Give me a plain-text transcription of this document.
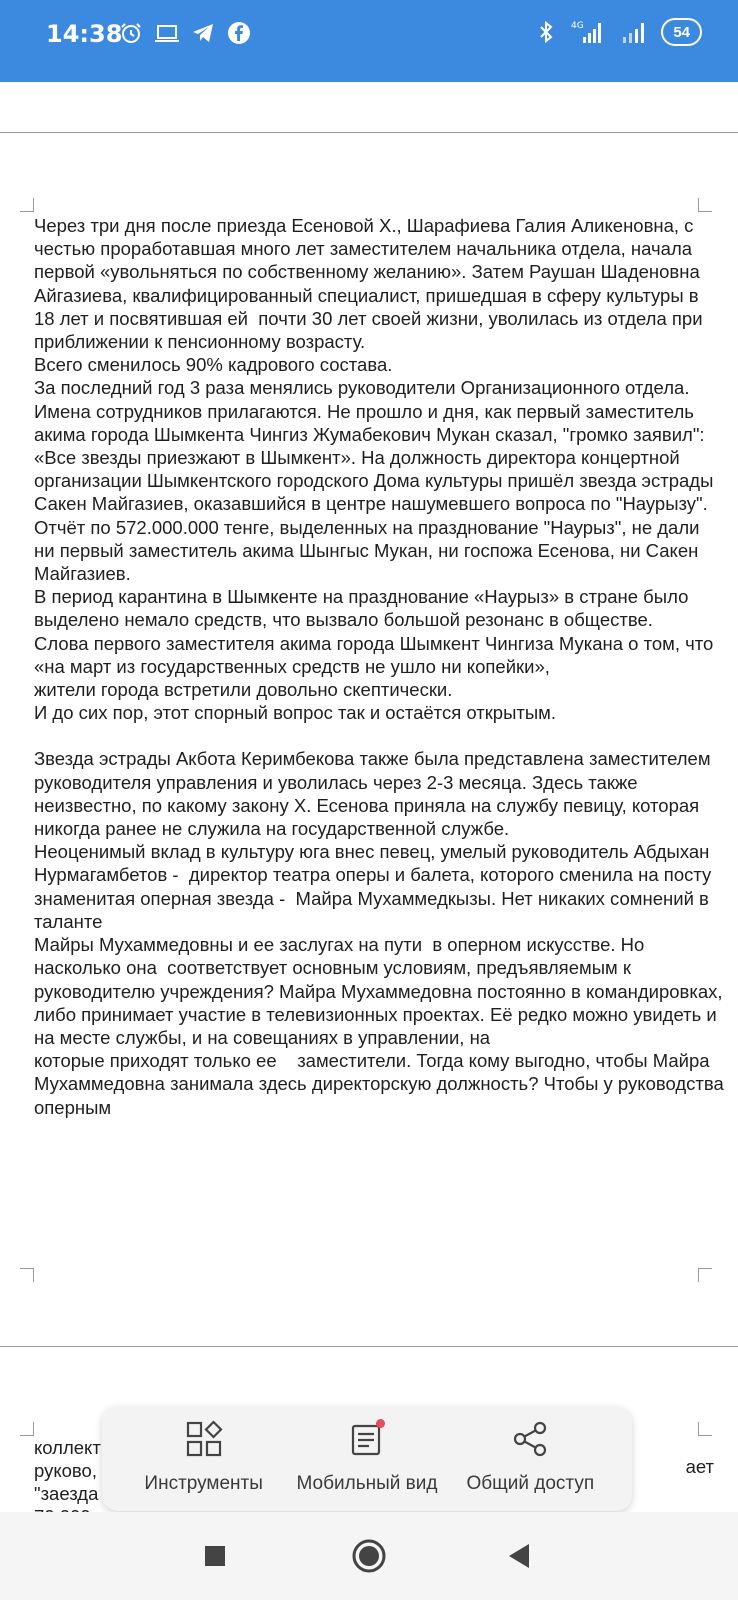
14:38	4G	54

Через три дня после приезда Есеновой Х., Шарафиева Галия Аликеновна, с честью проработавшая много лет заместителем начальника отдела, начала первой «увольняться по собственному желанию». Затем Раушан Шаденовна Айгазиева, квалифицированный специалист, пришедшая в сферу культуры в 18 лет и посвятившая ей  почти 30 лет своей жизни, уволилась из отдела при приближении к пенсионному возрасту.

Всего сменилось 90% кадрового состава.

За последний год 3 раза менялись руководители Организационного отдела. Имена сотрудников прилагаются. Не прошло и дня, как первый заместитель акима города Шымкента Чингиз Жумабекович Мукан сказал, "громко заявил": «Все звезды приезжают в Шымкент». На должность директора концертной организации Шымкентского городского Дома культуры пришёл звезда эстрады Сакен Майгазиев, оказавшийся в центре нашумевшего вопроса по "Наурызу".

Отчёт по 572.000.000 тенге, выделенных на празднование "Наурыз", не дали ни первый заместитель акима Шынгыс Мукан, ни госпожа Есенова, ни Сакен Майгазиев.

В период карантина в Шымкенте на празднование «Наурыз» в стране было выделено немало средств, что вызвало большой резонанс в обществе.

Слова первого заместителя акима города Шымкент Чингиза Мукана о том, что

«на март из государственных средств не ушло ни копейки»,

жители города встретили довольно скептически.

И до сих пор, этот спорный вопрос так и остаётся открытым.

Звезда эстрады Акбота Керимбекова также была представлена заместителем руководителя управления и уволилась через 2-3 месяца. Здесь также неизвестно, по какому закону Х. Есенова приняла на службу певицу, которая никогда ранее не служила на государственной службе.

Неоценимый вклад в культуру юга внес певец, умелый руководитель Абдыхан Нурмагамбетов -  директор театра оперы и балета, которого сменила на посту  знаменитая оперная звезда -  Майра Мухаммедкызы. Нет никаких сомнений в таланте

Майры Мухаммедовны и ее заслугах на пути  в оперном искусстве. Но насколько она  соответствует основным условиям, предъявляемым к руководителю учреждения? Майра Мухаммедовна постоянно в командировках, либо принимает участие в телевизионных проектах. Её редко можно увидеть и на месте службы, и на совещаниях в управлении, на

которые приходят только ее    заместители. Тогда кому выгодно, чтобы Майра Мухаммедовна занимала здесь директорскую должность? Чтобы у руководства оперным

коллект
руково,
"заезда
ает
Инструменты Мобильный вид Общий доступ
